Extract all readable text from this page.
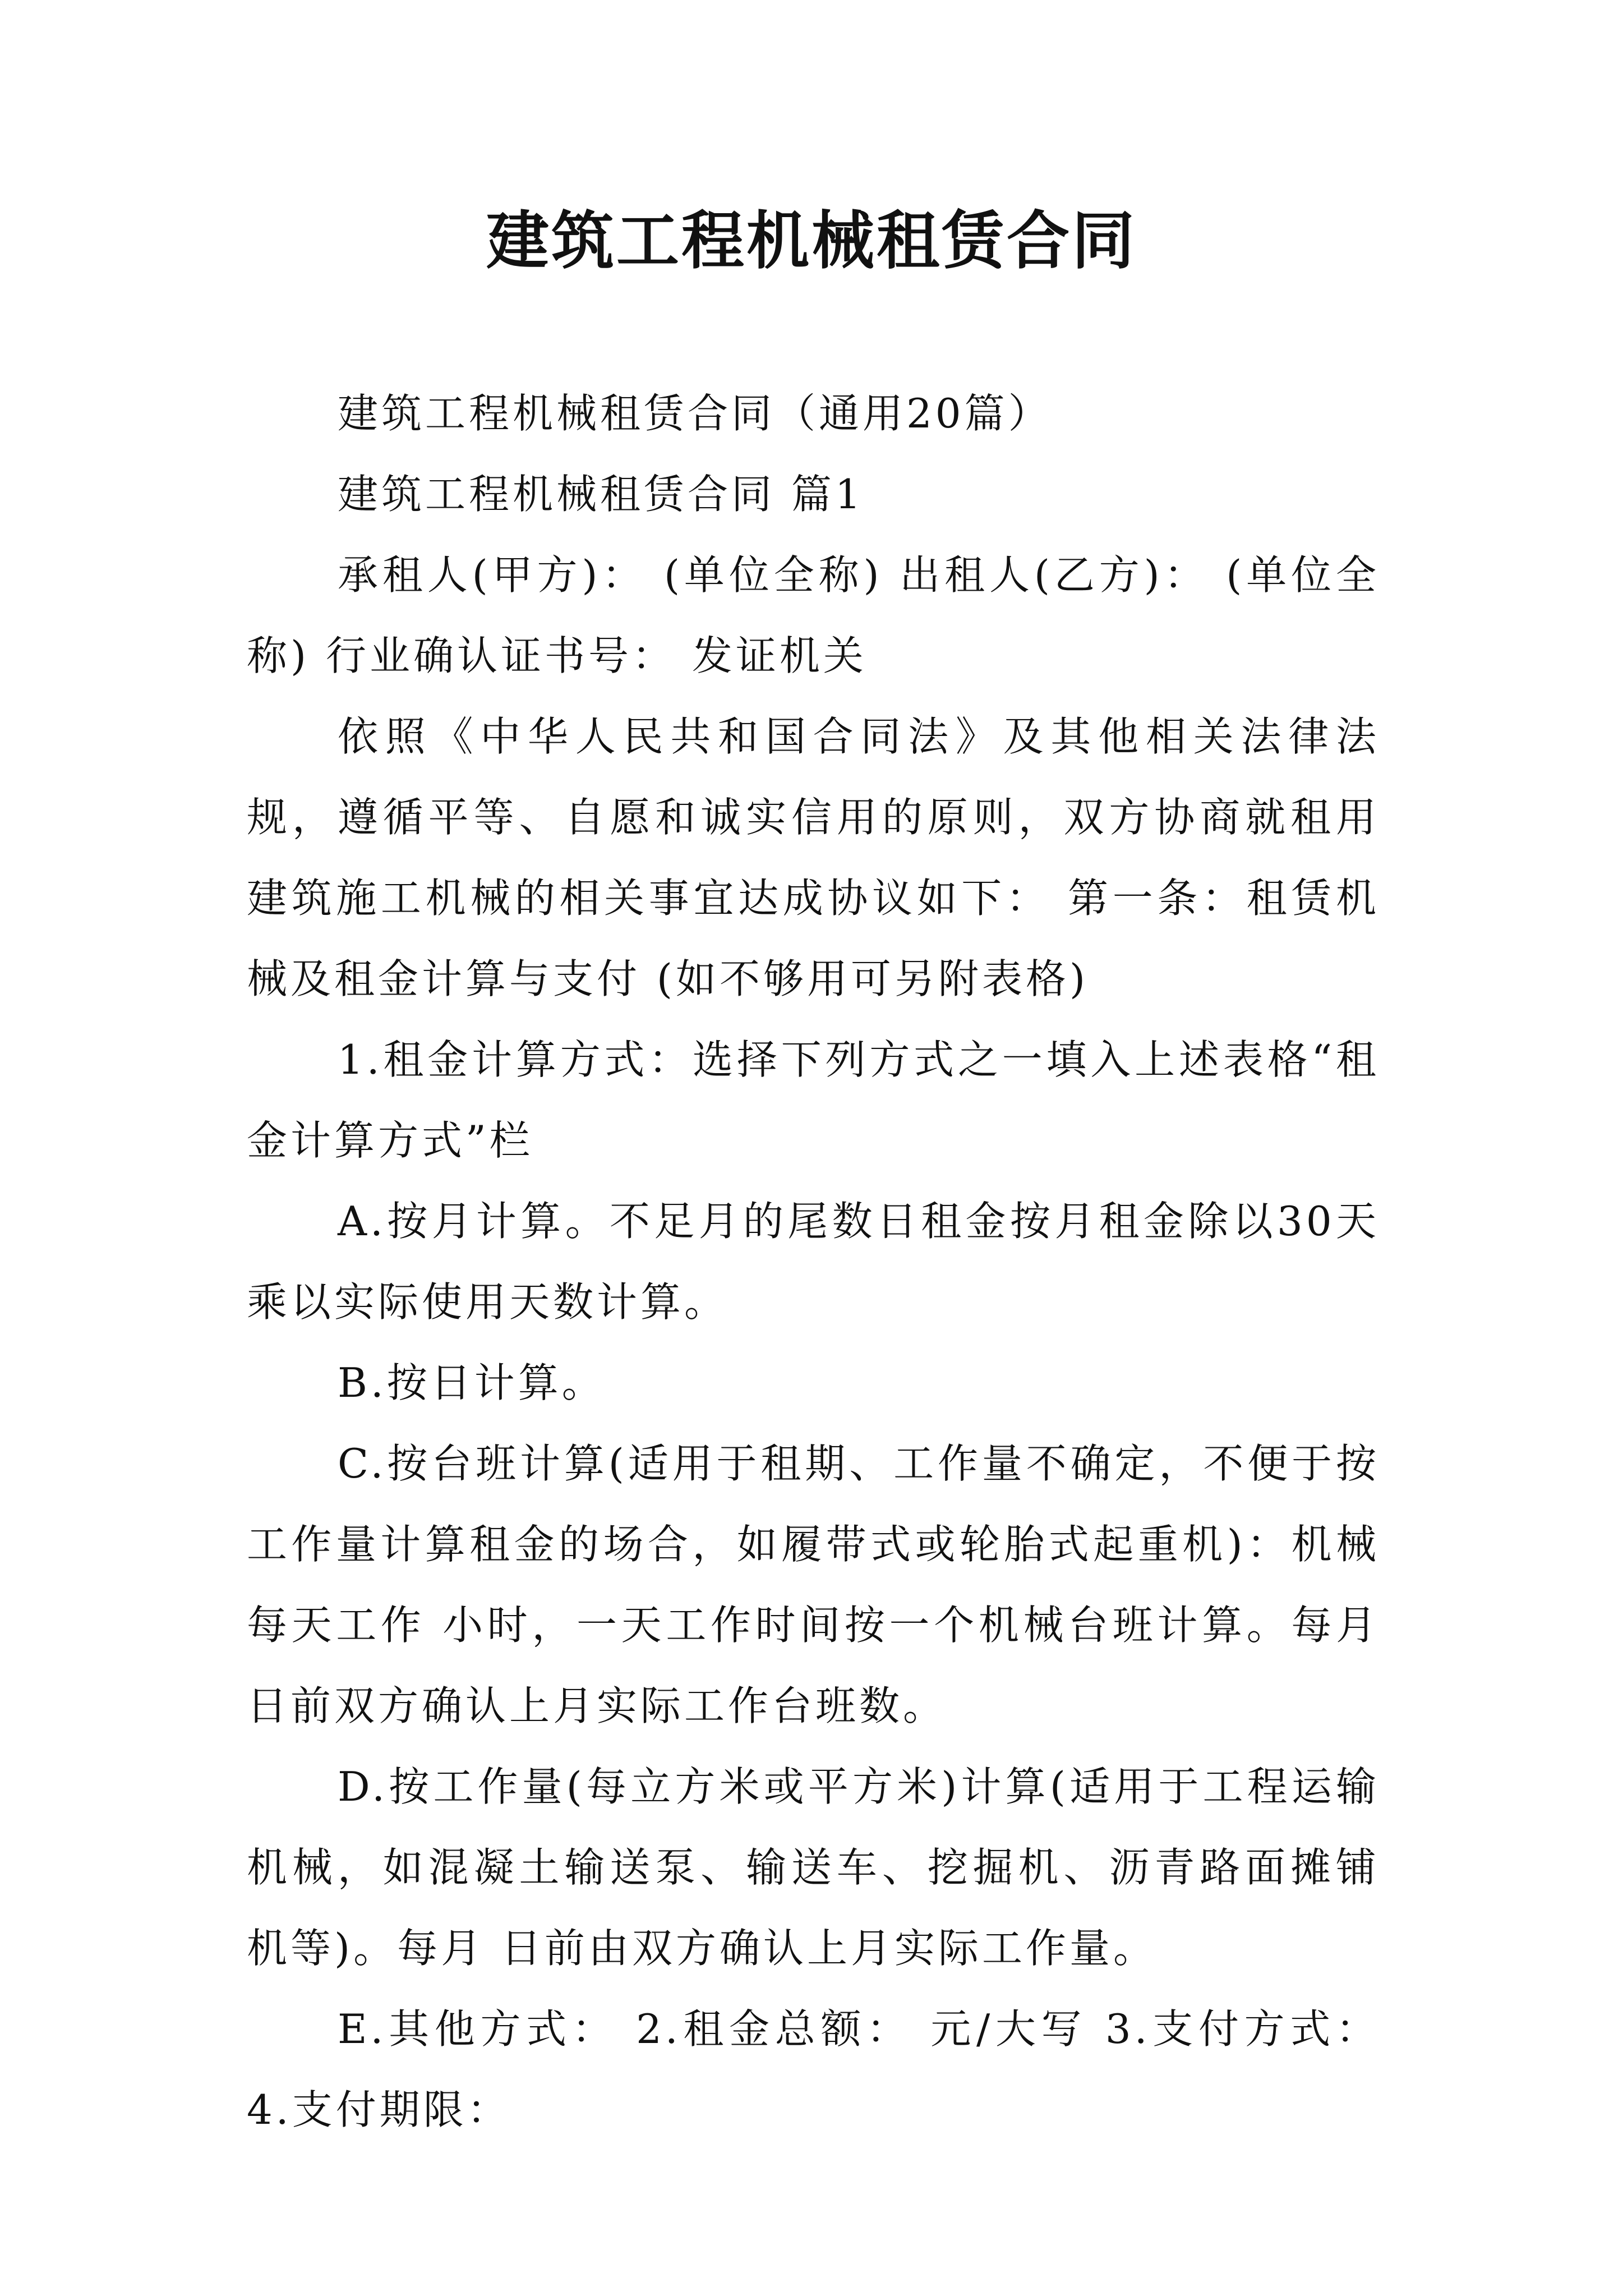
建筑工程机械租赁合同

建筑工程机械租赁合同（通用20篇）

建筑工程机械租赁合同 篇1

承租人(甲方)： (单位全称) 出租人(乙方)： (单位全称) 行业确认证书号： 发证机关

依照《中华人民共和国合同法》及其他相关法律法规，遵循平等、自愿和诚实信用的原则，双方协商就租用建筑施工机械的相关事宜达成协议如下： 第一条：租赁机械及租金计算与支付 (如不够用可另附表格)

1.租金计算方式：选择下列方式之一填入上述表格“租金计算方式”栏

A.按月计算。不足月的尾数日租金按月租金除以30天乘以实际使用天数计算。

B.按日计算。

C.按台班计算(适用于租期、工作量不确定，不便于按工作量计算租金的场合，如履带式或轮胎式起重机)：机械每天工作 小时，一天工作时间按一个机械台班计算。每月 日前双方确认上月实际工作台班数。

D.按工作量(每立方米或平方米)计算(适用于工程运输机械，如混凝土输送泵、输送车、挖掘机、沥青路面摊铺机等)。每月 日前由双方确认上月实际工作量。

E.其他方式： 2.租金总额： 元/大写 3.支付方式： 4.支付期限：
